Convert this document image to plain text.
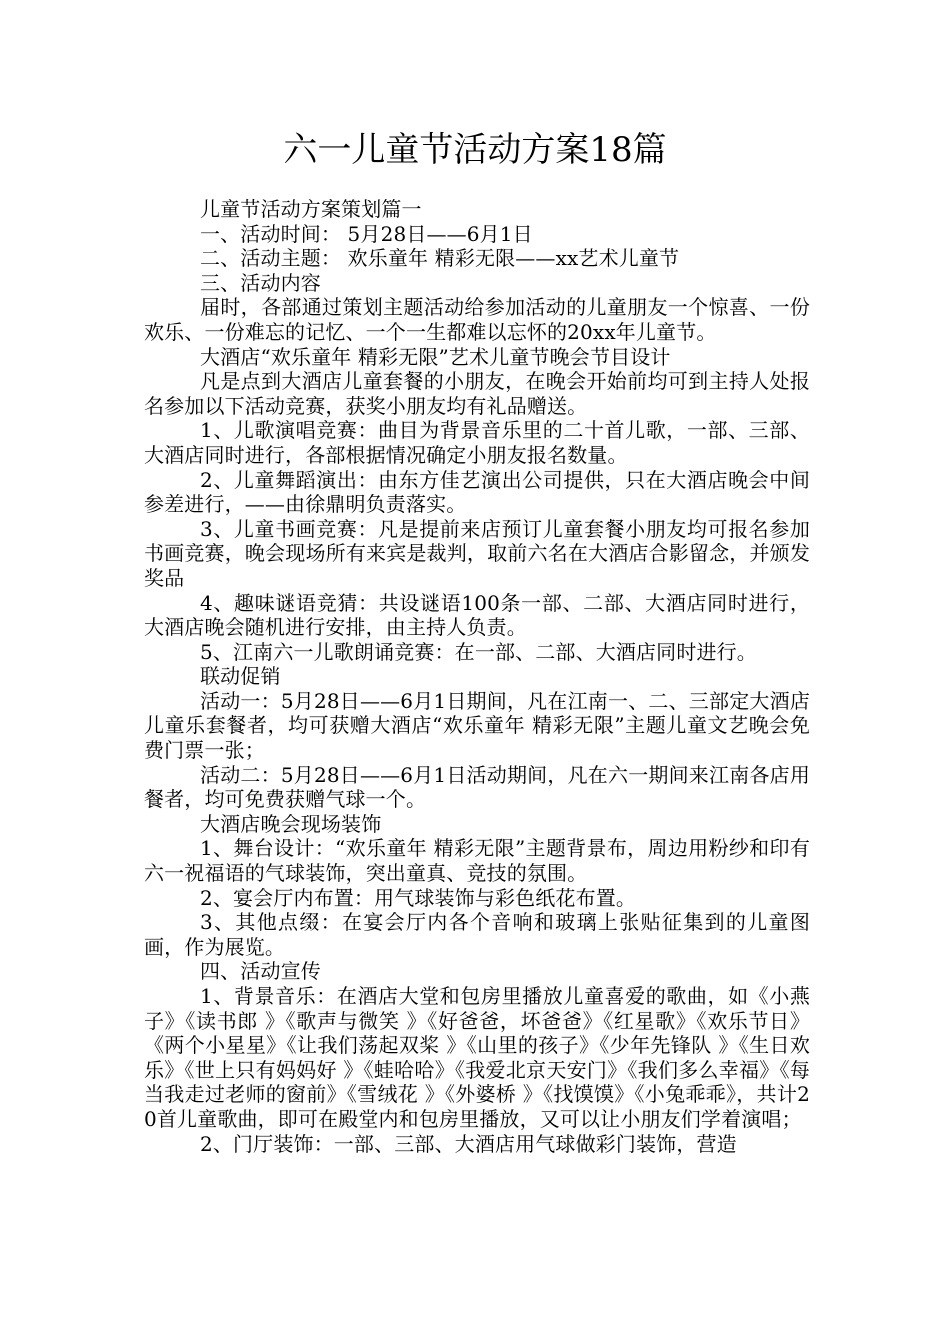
六一儿童节活动方案18篇

儿童节活动方案策划篇一

一、活动时间： 5月28日——6月1日

二、活动主题： 欢乐童年 精彩无限——xx艺术儿童节

三、活动内容

届时，各部通过策划主题活动给参加活动的儿童朋友一个惊喜、一份欢乐、一份难忘的记忆、一个一生都难以忘怀的20xx年儿童节。

大酒店“欢乐童年 精彩无限”艺术儿童节晚会节目设计

凡是点到大酒店儿童套餐的小朋友，在晚会开始前均可到主持人处报名参加以下活动竞赛，获奖小朋友均有礼品赠送。

1、儿歌演唱竞赛：曲目为背景音乐里的二十首儿歌，一部、三部、大酒店同时进行，各部根据情况确定小朋友报名数量。

2、儿童舞蹈演出：由东方佳艺演出公司提供，只在大酒店晚会中间参差进行，——由徐鼎明负责落实。

3、儿童书画竞赛：凡是提前来店预订儿童套餐小朋友均可报名参加书画竞赛，晚会现场所有来宾是裁判，取前六名在大酒店合影留念，并颁发奖品

4、趣味谜语竞猜：共设谜语100条一部、二部、大酒店同时进行，大酒店晚会随机进行安排，由主持人负责。

5、江南六一儿歌朗诵竞赛：在一部、二部、大酒店同时进行。

联动促销

活动一：5月28日——6月1日期间，凡在江南一、二、三部定大酒店儿童乐套餐者，均可获赠大酒店“欢乐童年 精彩无限”主题儿童文艺晚会免费门票一张；

活动二：5月28日——6月1日活动期间，凡在六一期间来江南各店用餐者，均可免费获赠气球一个。

大酒店晚会现场装饰

1、舞台设计：“欢乐童年 精彩无限”主题背景布，周边用粉纱和印有六一祝福语的气球装饰，突出童真、竞技的氛围。

2、宴会厅内布置：用气球装饰与彩色纸花布置。

3、其他点缀：在宴会厅内各个音响和玻璃上张贴征集到的儿童图画，作为展览。

四、活动宣传

1、背景音乐：在酒店大堂和包房里播放儿童喜爱的歌曲，如《小燕子》《读书郎 》《歌声与微笑 》《好爸爸，坏爸爸》《红星歌》《欢乐节日》《两个小星星》《让我们荡起双桨 》《山里的孩子》《少年先锋队 》《生日欢乐》《世上只有妈妈好 》《蛙哈哈》《我爱北京天安门》《我们多么幸福》《每当我走过老师的窗前》《雪绒花 》《外婆桥 》《找馍馍》《小兔乖乖》，共计20首儿童歌曲，即可在殿堂内和包房里播放，又可以让小朋友们学着演唱；

2、门厅装饰：一部、三部、大酒店用气球做彩门装饰，营造
